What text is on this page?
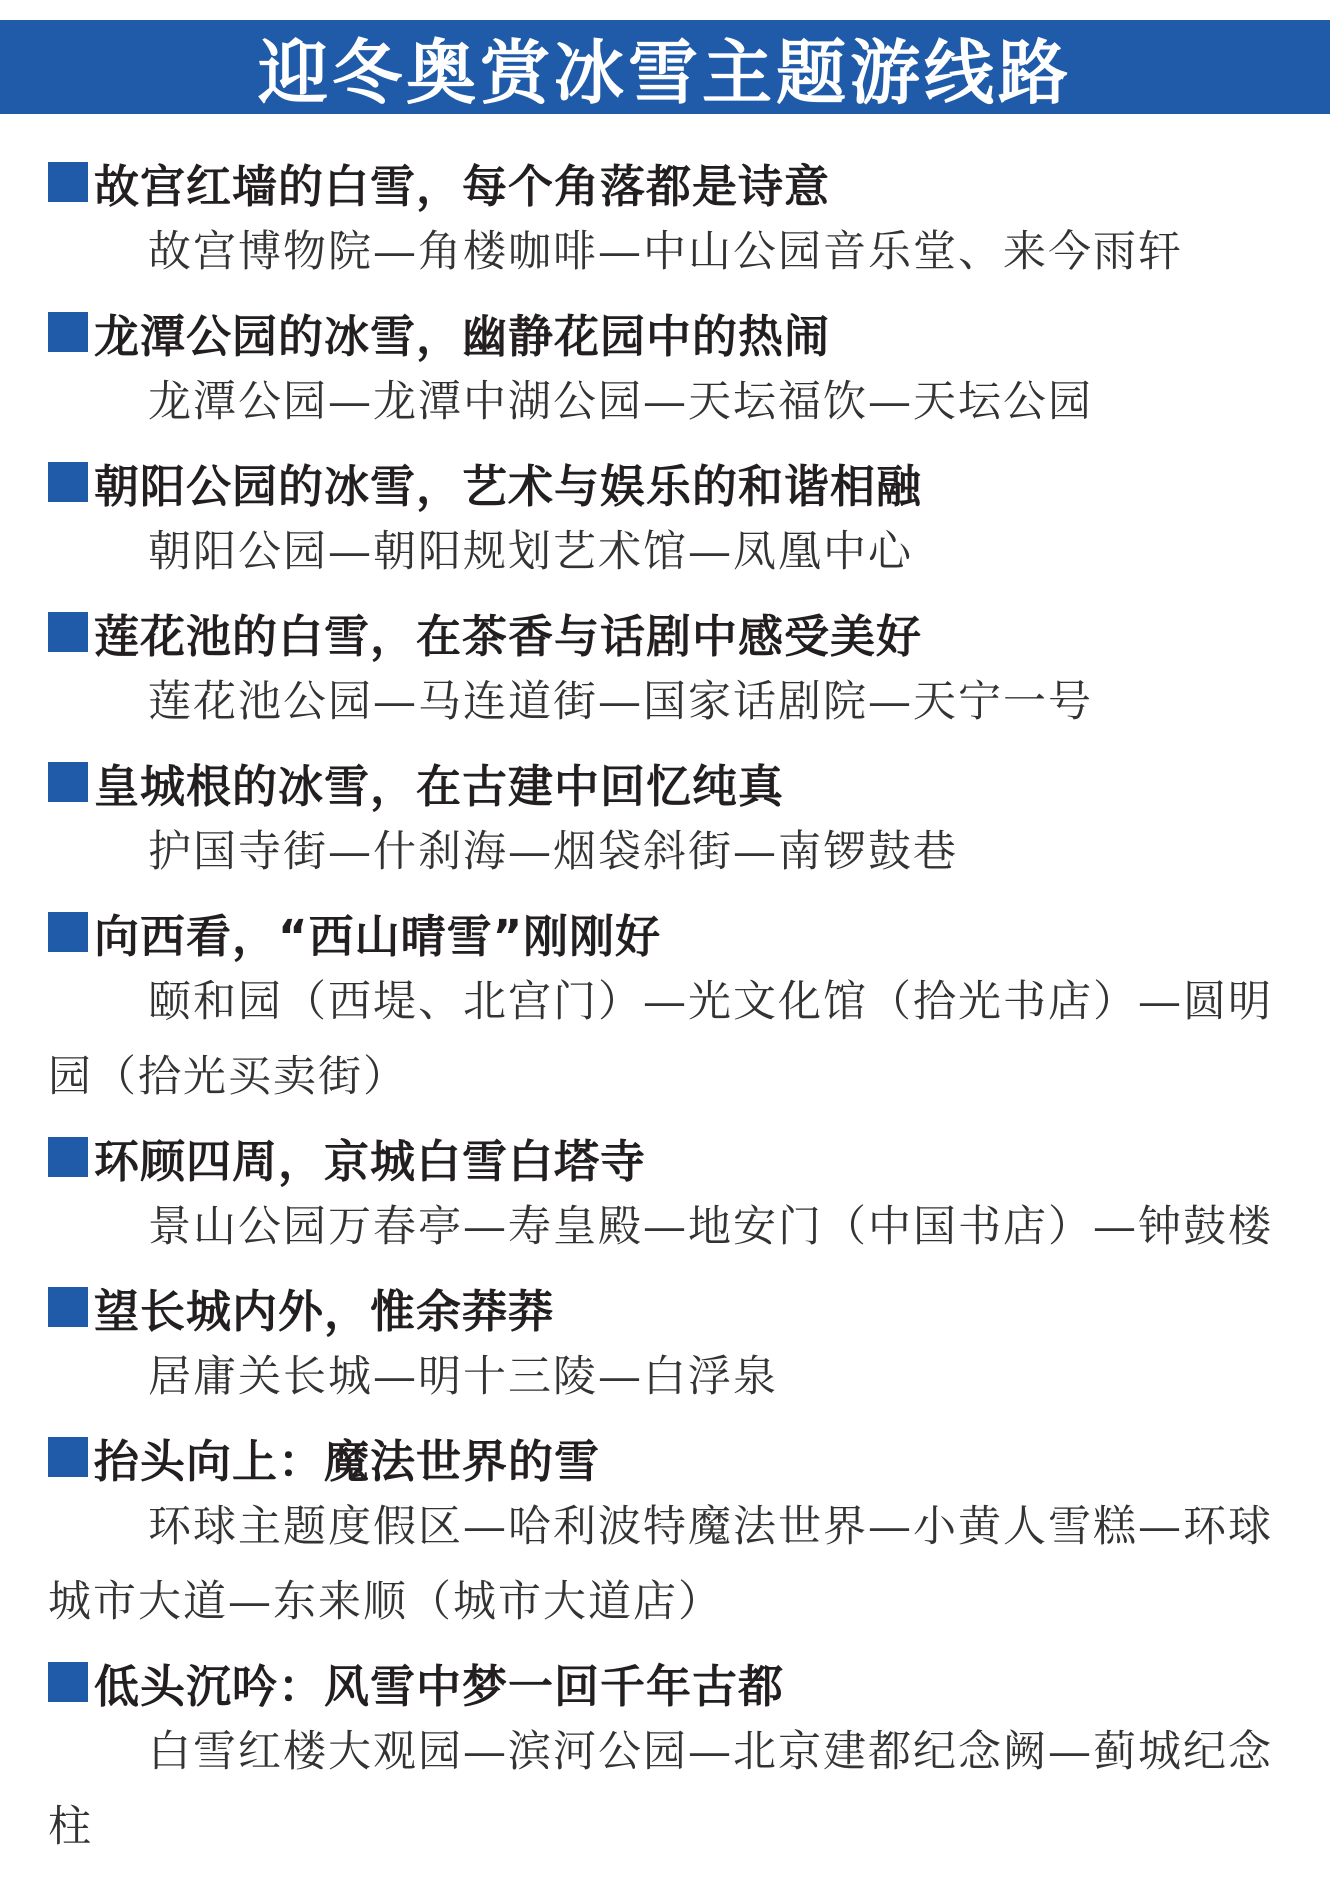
迎冬奥赏冰雪主题游线路
故宫红墙的白雪，每个角落都是诗意
故宫博物院—角楼咖啡—中山公园音乐堂、来今雨轩
龙潭公园的冰雪，幽静花园中的热闹
龙潭公园—龙潭中湖公园—天坛福饮—天坛公园
朝阳公园的冰雪，艺术与娱乐的和谐相融
朝阳公园—朝阳规划艺术馆—凤凰中心
莲花池的白雪，在茶香与话剧中感受美好
莲花池公园—马连道街—国家话剧院—天宁一号
皇城根的冰雪，在古建中回忆纯真
护国寺街—什刹海—烟袋斜街—南锣鼓巷
向西看，“西山晴雪”刚刚好
颐和园（西堤、北宫门）—光文化馆（拾光书店）—圆明园（拾光买卖街）
环顾四周，京城白雪白塔寺
景山公园万春亭—寿皇殿—地安门（中国书店）—钟鼓楼
望长城内外，惟余莽莽
居庸关长城—明十三陵—白浮泉
抬头向上：魔法世界的雪
环球主题度假区—哈利波特魔法世界—小黄人雪糕—环球城市大道—东来顺（城市大道店）
低头沉吟：风雪中梦一回千年古都
白雪红楼大观园—滨河公园—北京建都纪念阙—蓟城纪念柱
